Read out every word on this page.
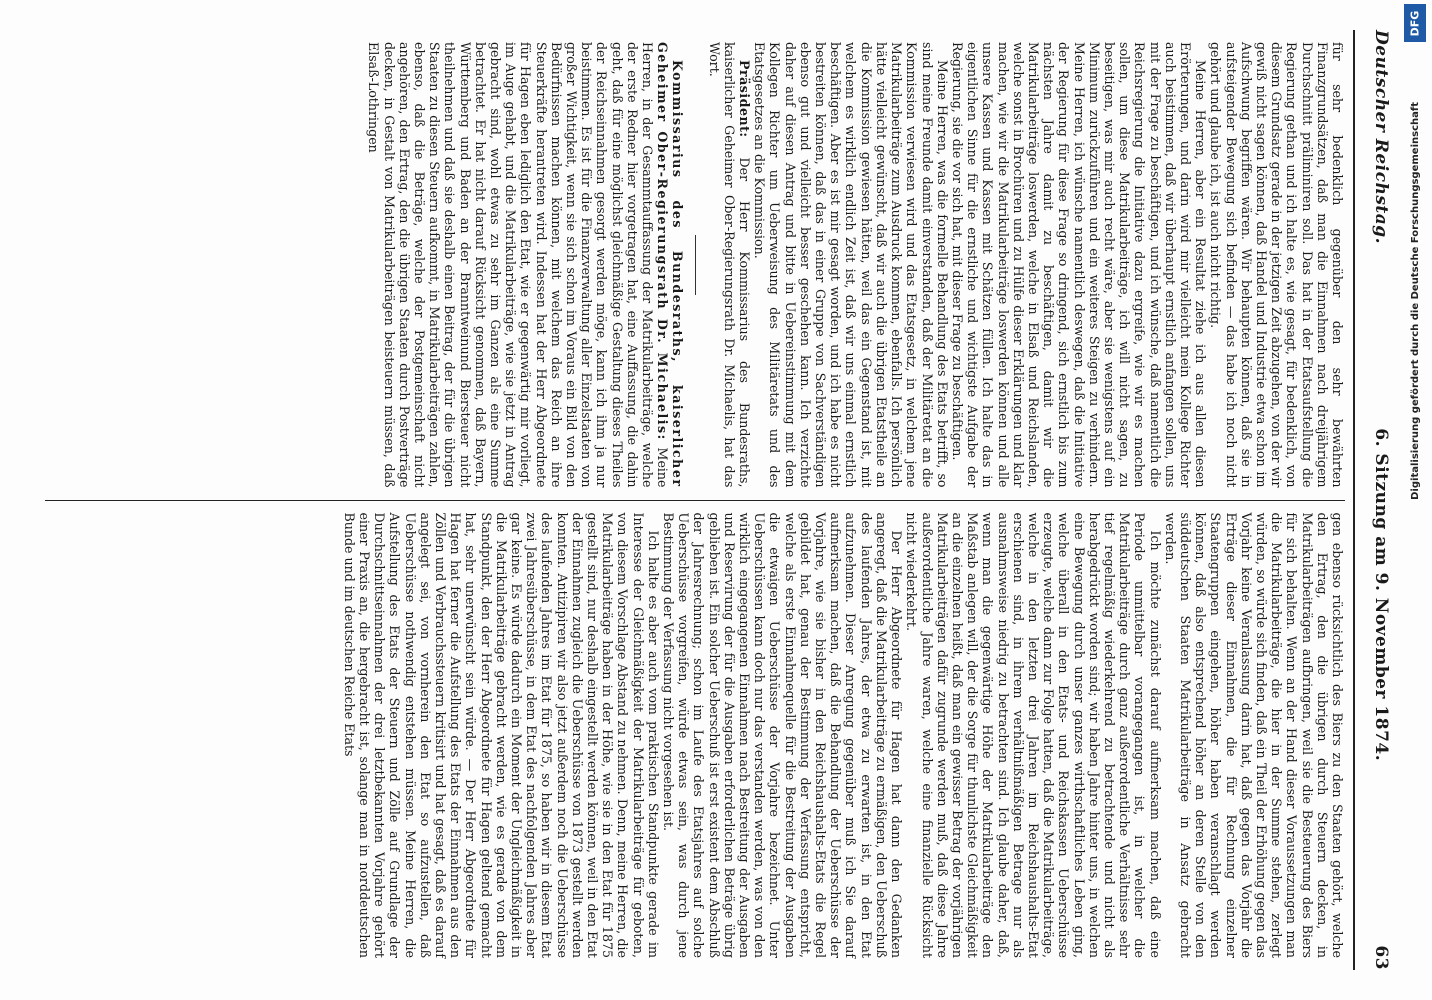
Deutscher Reichstag.
6. Sitzung am 9. November 1874.
63

für sehr bedenklich gegenüber den sehr bewährten Finanzgrundsätzen, daß man die Einnahmen nach dreijährigem Durchschnitt präliminiren soll. Das hat in der Etatsaufstellung die Regierung gethan und ich halte es, wie gesagt, für bedenklich, von diesem Grundsatz gerade in der jetzigen Zeit abzugehen, von der wir gewiß nicht sagen können, daß Handel und Industrie etwa schon im Aufschwung begriffen wären. Wir behaupten können, daß sie in aufsteigender Bewegung sich befinden — das habe ich noch nicht gehört und glaube ich, ist auch nicht richtig.

Meine Herren, aber ein Resultat ziehe ich aus allen diesen Erörterungen, und darin wird mir vielleicht mein Kollege Richter auch beistimmen, daß wir überhaupt ernstlich anfangen sollen, uns mit der Frage zu beschäftigen, und ich wünsche, daß namentlich die Reichsregierung die Initiative dazu ergreife, wie wir es machen sollen, um diese Matrikularbeiträge, ich will nicht sagen, zu beseitigen, was mir auch recht wäre, aber sie wenigstens auf ein Minimum zurückzuführen und ein weiteres Steigen zu verhindern. Meine Herren, ich wünsche namentlich deswegen, daß die Initiative der Regierung für diese Frage so dringend, sich ernstlich bis zum nächsten Jahre damit zu beschäftigen, damit wir die Matrikularbeiträge loswerden, welche in Elsaß und Reichslanden, welche sonst in Brochüren und zu Hülfe dieser Erklärungen und klar machen, wie wir die Matrikularbeiträge loswerden können und alle unsere Kassen und Kassen mit Schätzen füllen. Ich halte das in eigentlichen Sinne für die ernstliche und wichtigste Aufgabe der Regierung, sie die vor sich hat, mit dieser Frage zu beschäftigen.

Meine Herren, was die formelle Behandlung des Etats betrifft, so sind meine Freunde damit einverstanden, daß der Militäretat an die Kommission verwiesen wird und das Etatsgesetz, in welchem jene Matrikularbeiträge zum Ausdruck kommen, ebenfalls. Ich persönlich hätte vielleicht gewünscht, daß wir auch die übrigen Etatstheile an die Kommission gewiesen hätten, weil das ein Gegenstand ist, mit welchem es wirklich endlich Zeit ist, daß wir uns einmal ernstlich beschäftigen. Aber es ist mir gesagt worden, und ich habe es nicht bestreiten können, daß das in einer Gruppe von Sachverständigen ebenso gut und vielleicht besser geschehen kann. Ich verzichte daher auf diesen Antrag und bitte in Uebereinstimmung mit dem Kollegen Richter um Ueberweisung des Militäretats und des Etatsgesetzes an die Kommission.

Präsident: Der Herr Kommissarius des Bundesraths, kaiserlicher Geheimer Ober-Regierungsrath Dr. Michaelis, hat das Wort.

Kommissarius des Bundesraths, kaiserlicher Geheimer Ober-Regierungsrath Dr. Michaelis: Meine Herren, in der Gesammtauffassung der Matrikularbeiträge, welche der erste Redner hier vorgetragen hat, eine Auffassung, die dahin geht, daß für eine möglichst gleichmäßige Gestaltung dieses Theiles der Reichseinnahmen gesorgt werden möge, kann ich ihm ja nur beistimmen. Es ist für die Finanzverwaltung aller Einzelstaaten von großer Wichtigkeit, wenn sie sich schon im Voraus ein Bild von den Bedürfnissen machen können, mit welchem das Reich an ihre Steuerkräfte herantreten wird. Indessen hat der Herr Abgeordnete für Hagen eben lediglich den Etat, wie er gegenwärtig mir vorliegt, im Auge gehabt, und die Matrikularbeiträge, wie sie jetzt in Antrag gebracht sind, wohl etwas zu sehr im Ganzen als eine Summe betrachtet. Er hat nicht darauf Rücksicht genommen, daß Bayern, Württemberg und Baden an der Branntweinund Biersteuer nicht theilnehmen und daß sie deshalb einen Beitrag, der für die übrigen Staaten zu diesen Steuern aufkommt, in Matrikularbeiträgen zahlen, ebenso, daß die Beträge, welche der Postgemeinschaft nicht angehören, den Ertrag, den die übrigen Staaten durch Postverträge decken, in Gestalt von Matrikularbeiträgen beisteuern müssen, daß Elsaß-Lothringen

gen ebenso rücksichtlich des Biers zu den Staaten gehört, welche den Ertrag, den die übrigen durch Steuern decken, in Matrikularbeiträgen aufbringen, weil sie die Besteuerung des Biers für sich behalten. Wenn an der Hand dieser Voraussetzungen man die Matrikularbeiträge, die hier in der Summe stehen, zerlegt würden, so würde sich finden, daß ein Theil der Erhöhung gegen das Vorjahr keine Veranlassung darin hat, daß gegen das Vorjahr die Erträge dieser Einnahmen, die für Rechnung einzelner Staatengruppen eingehen, höher haben veranschlagt werden können, daß also entsprechend höher an deren Stelle von den süddeutschen Staaten Matrikularbeiträge in Ansatz gebracht werden.

Ich möchte zunächst darauf aufmerksam machen, daß eine Periode unmittelbar vorangegangen ist, in welcher die Matrikularbeiträge durch ganz außerordentliche Verhältnisse sehr tief regelmäßig wiederkehrend zu betrachtende und nicht als herabgedrückt worden sind; wir haben Jahre hinter uns, in welchen eine Bewegung durch unser ganzes wirthschaftliches Leben ging, welche überall in den Etats- und Reichskassen Ueberschüsse erzeugte, welche dann zur Folge hatten, daß die Matrikularbeiträge, welche in den letzten drei Jahren im Reichshaushalts-Etat erschienen sind, in ihrem verhältnißmäßigen Betrage nur als ausnahmsweise niedrig zu betrachten sind. Ich glaube daher, daß, wenn man die gegenwärtige Höhe der Matrikularbeiträge den Maßstab anlegen will, der die Sorge für thunlichste Gleichmäßigkeit an die einzelnen heißt, daß man ein gewisser Betrag der vorjährigen Matrikularbeiträgen dafür zugrunde werden muß, daß diese Jahre außerordentliche Jahre waren, welche eine finanzielle Rücksicht nicht wiederkehrt.

Der Herr Abgeordnete für Hagen hat dann den Gedanken angeregt, daß die Matrikularbeiträge zu ermäßigen, den Ueberschuß des laufenden Jahres, der etwa zu erwarten ist, in den Etat aufzunehmen. Dieser Anregung gegenüber muß ich Sie darauf aufmerksam machen, daß die Behandlung der Ueberschüsse der Vorjahre, wie sie bisher in den Reichshaushalts-Etats die Regel gebildet hat, genau der Bestimmung der Verfassung entspricht, welche als erste Einnahmequelle für die Bestreitung der Ausgaben die etwaigen Ueberschüsse der Vorjahre bezeichnet. Unter Ueberschüssen kann doch nur das verstanden werden, was von den wirklich eingegangenen Einnahmen nach Bestreitung der Ausgaben und Reservirung der für die Ausgaben erforderlichen Beträge übrig geblieben ist. Ein solcher Ueberschuß ist erst existent dem Abschluß der Jahresrechnung; schon im Laufe des Etatsjahres auf solche Ueberschüsse vorgreifen, würde etwas sein, was durch jene Bestimmung der Verfassung nicht vorgesehen ist.

Ich halte es aber auch vom praktischen Standpunkte gerade im Interesse der Gleichmäßigkeit der Matrikularbeiträge für geboten, von diesem Vorschlage Abstand zu nehmen. Denn, meine Herren, die Matrikularbeiträge haben in der Höhe, wie sie in den Etat für 1875 gestellt sind, nur deshalb eingestellt werden können, weil in den Etat der Einnahmen zugleich die Ueberschüsse von 1873 gestellt werden konnten. Antizipiren wir also jetzt außerdem noch die Ueberschüsse des laufenden Jahres im Etat für 1875, so haben wir in diesem Etat zwei Jahresüberschüsse, in dem Etat des nachfolgenden Jahres aber gar keine. Es würde dadurch ein Moment der Ungleichmäßigkeit in die Matrikularbeiträge gebracht werden, wie es gerade von dem Standpunkt, den der Herr Abgeordnete für Hagen geltend gemacht hat, sehr unerwünscht sein würde. — Der Herr Abgeordnete für Hagen hat ferner die Aufstellung des Etats der Einnahmen aus den Zöllen und Verbrauchssteuern kritisirt und hat gesagt, daß es darauf angelegt sei, von vornherein den Etat so aufzustellen, daß Ueberschüsse nothwendig entstehen müssen. Meine Herren, die Aufstellung des Etats der Steuern und Zölle auf Grundlage der Durchschnittseinnahmen der drei letztbekannten Vorjahre gehört einer Praxis an, die hergebracht ist, solange man in norddeutschen Bunde und im deutschen Reiche Etats

DFG
Digitalisierung gefördert durch die Deutsche Forschungsgemeinschaft
